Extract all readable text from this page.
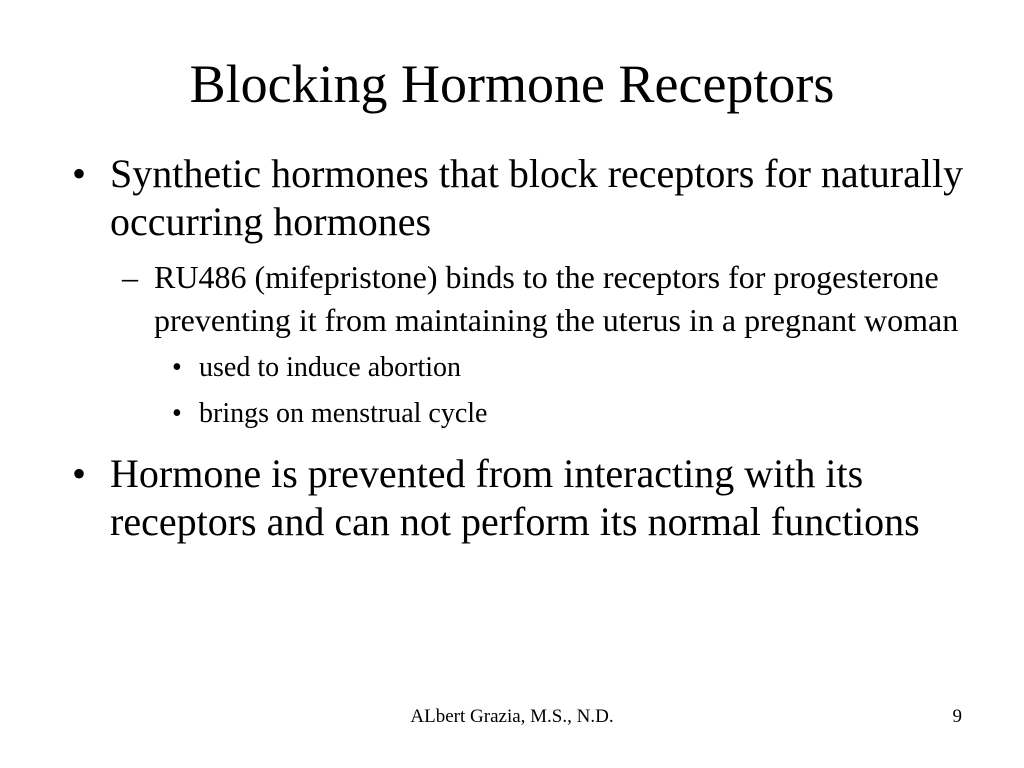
Blocking Hormone Receptors
• Synthetic hormones that block receptors for naturally occurring hormones
– RU486 (mifepristone) binds to the receptors for progesterone preventing it from maintaining the uterus in a pregnant woman
• used to induce abortion
• brings on menstrual cycle
• Hormone is prevented from interacting with its receptors and can not perform its normal functions
ALbert Grazia, M.S., N.D.	9
